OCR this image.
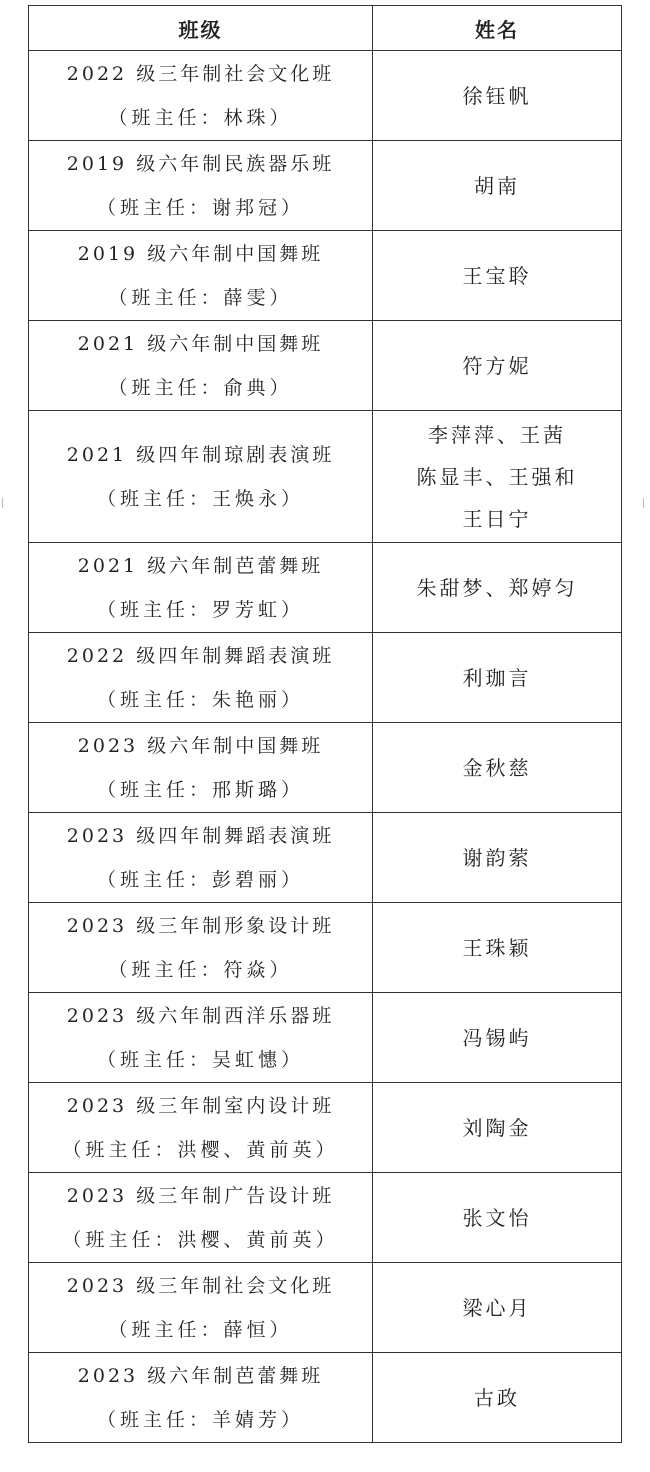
班级	姓名

2022 级三年制社会文化班
（班主任：林珠）	徐钰帆

2019 级六年制民族器乐班
（班主任：谢邦冠）	胡南

2019 级六年制中国舞班
（班主任：薛雯）	王宝聆

2021 级六年制中国舞班
（班主任：俞典）	符方妮

2021 级四年制琼剧表演班
（班主任：王焕永）	李萍萍、王茜
陈显丰、王强和
王日宁

2021 级六年制芭蕾舞班
（班主任：罗芳虹）	朱甜梦、郑婷匀

2022 级四年制舞蹈表演班
（班主任：朱艳丽）	利珈言

2023 级六年制中国舞班
（班主任：邢斯璐）	金秋慈

2023 级四年制舞蹈表演班
（班主任：彭碧丽）	谢韵萦

2023 级三年制形象设计班
（班主任：符焱）	王珠颖

2023 级六年制西洋乐器班
（班主任：吴虹憓）	冯锡屿

2023 级三年制室内设计班
（班主任：洪樱、黄前英）	刘陶金

2023 级三年制广告设计班
（班主任：洪樱、黄前英）	张文怡

2023 级三年制社会文化班
（班主任：薛恒）	梁心月

2023 级六年制芭蕾舞班
（班主任：羊婧芳）	古政
